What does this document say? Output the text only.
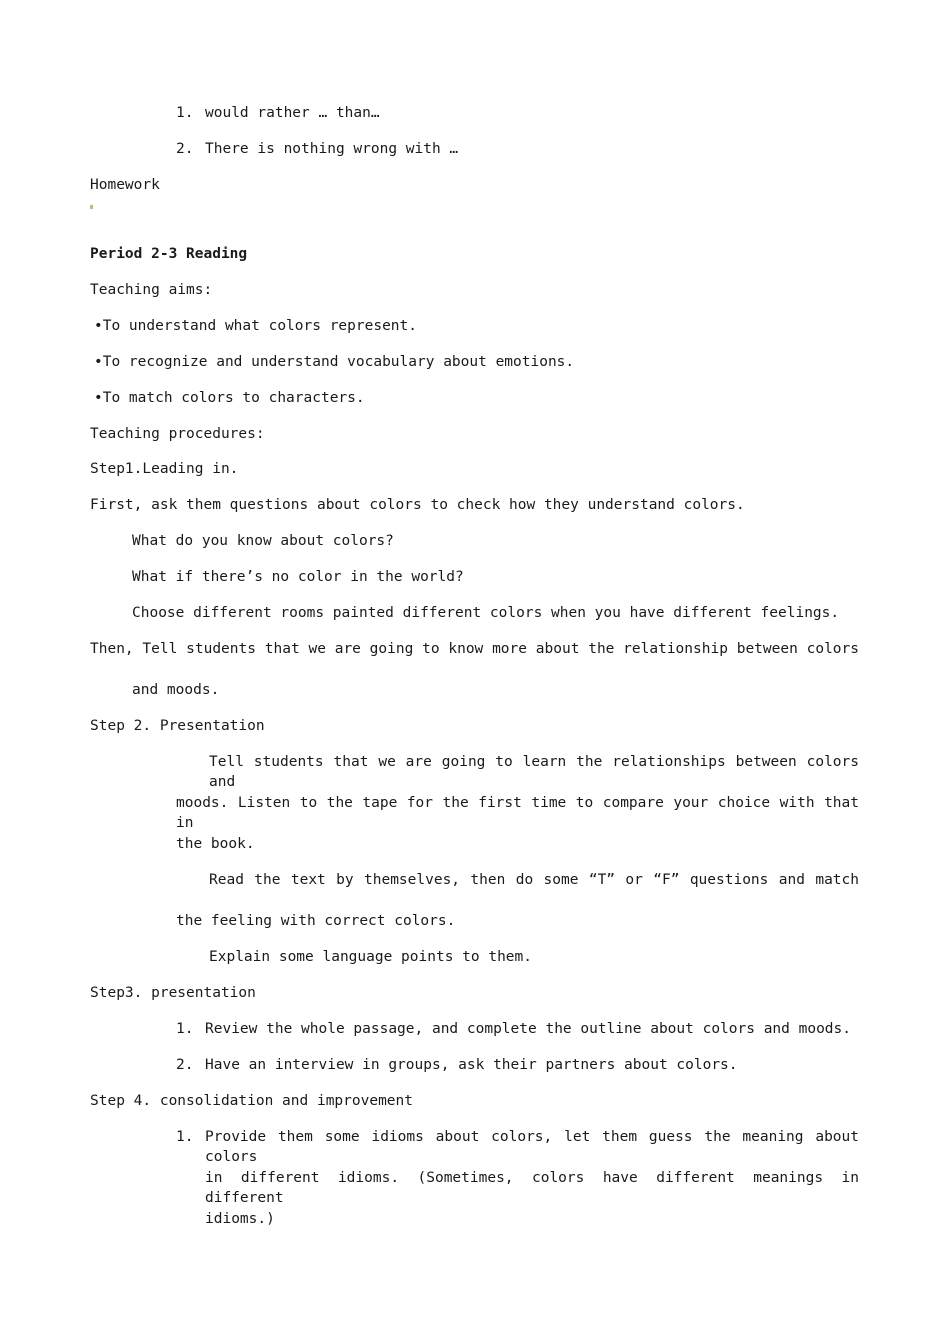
1. would rather … than…
2. There is nothing wrong with …
Homework
Period 2-3 Reading
Teaching aims:
•To understand what colors represent.
•To recognize and understand vocabulary about emotions.
•To match colors to characters.
Teaching procedures:
Step1.Leading in.
First, ask them questions about colors to check how they understand colors.
What do you know about colors?
What if there’s no color in the world?
Choose different rooms painted different colors when you have different feelings.
Then, Tell students that we are going to know more about the relationship between colors
and moods.
Step 2. Presentation
Tell students that we are going to learn the relationships between colors and
moods. Listen to the tape for the first time to compare your choice with that in
the book.
Read the text by themselves, then do some “T” or “F” questions and match
the feeling with correct colors.
Explain some language points to them.
Step3. presentation
1. Review the whole passage, and complete the outline about colors and moods.
2. Have an interview in groups, ask their partners about colors.
Step 4. consolidation and improvement
1. Provide them some idioms about colors, let them guess the meaning about colors
in different idioms. (Sometimes, colors have different meanings in different
idioms.)
